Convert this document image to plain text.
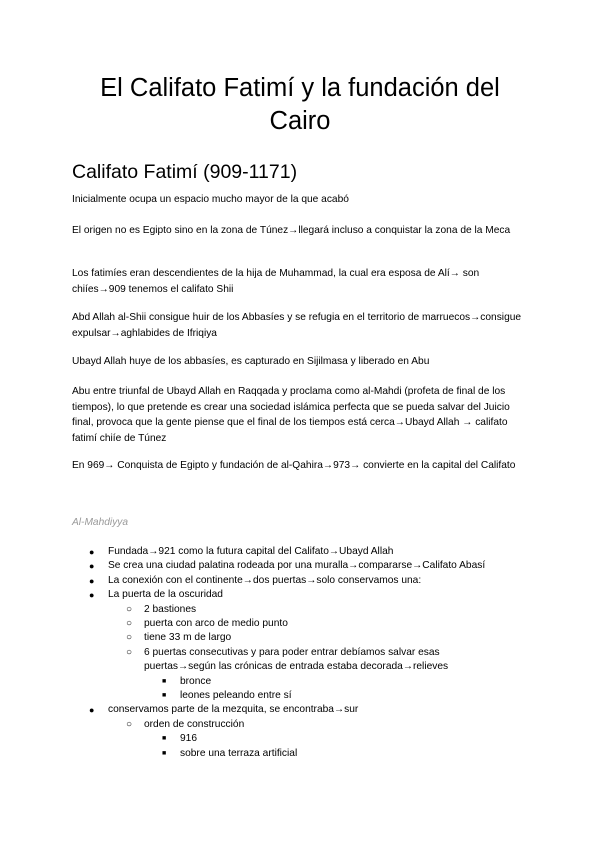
El Califato Fatimí y la fundación del Cairo
Califato Fatimí (909-1171)

Inicialmente ocupa un espacio mucho mayor de la que acabó

El origen no es Egipto sino en la zona de Túnez→llegará incluso a conquistar la zona de la Meca

Los fatimíes eran descendientes de la hija de Muhammad, la cual era esposa de Alí→ son chiíes→909 tenemos el califato Shii

Abd Allah al-Shii consigue huir de los Abbasíes y se refugia en el territorio de marruecos→consigue expulsar→aghlabides de Ifriqiya

Ubayd Allah huye de los abbasíes, es capturado en Sijilmasa y liberado en Abu

Abu entre triunfal de Ubayd Allah en Raqqada y proclama como al-Mahdi (profeta de final de los tiempos), lo que pretende es crear una sociedad islámica perfecta que se pueda salvar del Juicio final, provoca que la gente piense que el final de los tiempos está cerca→Ubayd Allah → califato fatimí chiíe de Túnez

En 969→ Conquista de Egipto y fundación de al-Qahira→973→ convierte en la capital del Califato

Al-Mahdiyya
● Fundada→921 como la futura capital del Califato→Ubayd Allah
● Se crea una ciudad palatina rodeada por una muralla→compararse→Califato Abasí
● La conexión con el continente→dos puertas→solo conservamos una:
● La puerta de la oscuridad
○ 2 bastiones
○ puerta con arco de medio punto
○ tiene 33 m de largo
○ 6 puertas consecutivas y para poder entrar debíamos salvar esas puertas→según las crónicas de entrada estaba decorada→relieves
■ bronce
■ leones peleando entre sí
● conservamos parte de la mezquita, se encontraba→sur
○ orden de construcción
■ 916
■ sobre una terraza artificial
